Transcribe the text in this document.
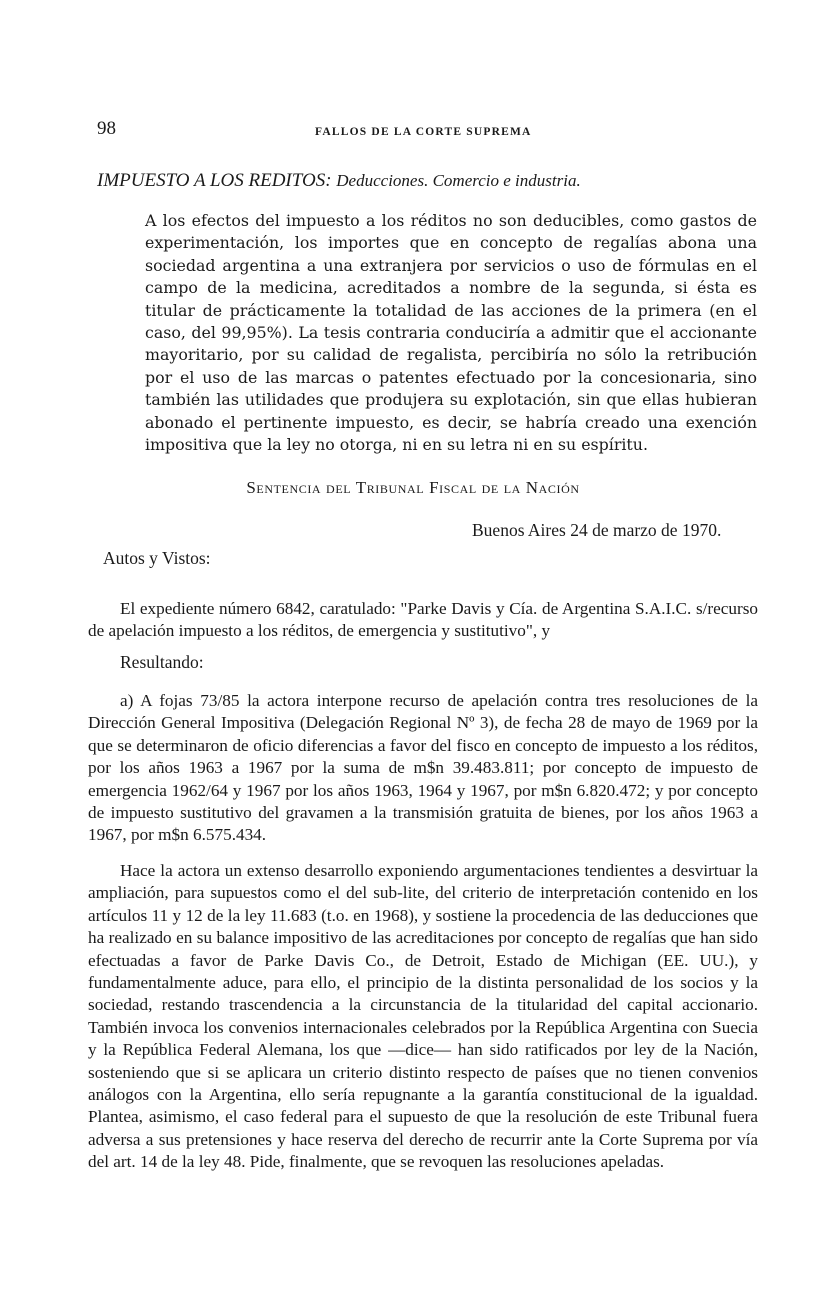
98	FALLOS DE LA CORTE SUPREMA
IMPUESTO A LOS REDITOS: Deducciones. Comercio e industria.

A los efectos del impuesto a los réditos no son deducibles, como gastos de experimentación, los importes que en concepto de regalías abona una sociedad argentina a una extranjera por servicios o uso de fórmulas en el campo de la medicina, acreditados a nombre de la segunda, si ésta es titular de prácticamente la totalidad de las acciones de la primera (en el caso, del 99,95%). La tesis contraria conduciría a admitir que el accionante mayoritario, por su calidad de regalista, percibiría no sólo la retribución por el uso de las marcas o patentes efectuado por la concesionaria, sino también las utilidades que produjera su explotación, sin que ellas hubieran abonado el pertinente impuesto, es decir, se habría creado una exención impositiva que la ley no otorga, ni en su letra ni en su espíritu.

Sentencia del Tribunal Fiscal de la Nación
Buenos Aires 24 de marzo de 1970.
Autos y Vistos:

El expediente número 6842, caratulado: "Parke Davis y Cía. de Argentina S.A.I.C. s/recurso de apelación impuesto a los réditos, de emergencia y sustitutivo", y

Resultando:

a) A fojas 73/85 la actora interpone recurso de apelación contra tres resoluciones de la Dirección General Impositiva (Delegación Regional Nº 3), de fecha 28 de mayo de 1969 por la que se determinaron de oficio diferencias a favor del fisco en concepto de impuesto a los réditos, por los años 1963 a 1967 por la suma de m$n 39.483.811; por concepto de impuesto de emergencia 1962/64 y 1967 por los años 1963, 1964 y 1967, por m$n 6.820.472; y por concepto de impuesto sustitutivo del gravamen a la transmisión gratuita de bienes, por los años 1963 a 1967, por m$n 6.575.434.

Hace la actora un extenso desarrollo exponiendo argumentaciones tendientes a desvirtuar la ampliación, para supuestos como el del sub-lite, del criterio de interpretación contenido en los artículos 11 y 12 de la ley 11.683 (t.o. en 1968), y sostiene la procedencia de las deducciones que ha realizado en su balance impositivo de las acreditaciones por concepto de regalías que han sido efectuadas a favor de Parke Davis Co., de Detroit, Estado de Michigan (EE. UU.), y fundamentalmente aduce, para ello, el principio de la distinta personalidad de los socios y la sociedad, restando trascendencia a la circunstancia de la titularidad del capital accionario. También invoca los convenios internacionales celebrados por la República Argentina con Suecia y la República Federal Alemana, los que —dice— han sido ratificados por ley de la Nación, sosteniendo que si se aplicara un criterio distinto respecto de países que no tienen convenios análogos con la Argentina, ello sería repugnante a la garantía constitucional de la igualdad. Plantea, asimismo, el caso federal para el supuesto de que la resolución de este Tribunal fuera adversa a sus pretensiones y hace reserva del derecho de recurrir ante la Corte Suprema por vía del art. 14 de la ley 48. Pide, finalmente, que se revoquen las resoluciones apeladas.
